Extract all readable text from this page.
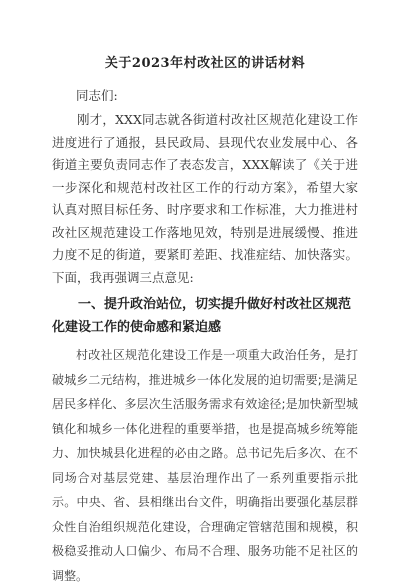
关于2023年村改社区的讲话材料
同志们:

刚才，XXX同志就各街道村改社区规范化建设工作进度进行了通报，县民政局、县现代农业发展中心、各街道主要负责同志作了表态发言，XXX解读了《关于进一步深化和规范村改社区工作的行动方案》，希望大家认真对照目标任务、时序要求和工作标准，大力推进村改社区规范建设工作落地见效，特别是进展缓慢、推进力度不足的街道，要紧盯差距、找准症结、加快落实。下面，我再强调三点意见:

一、提升政治站位，切实提升做好村改社区规范化建设工作的使命感和紧迫感

村改社区规范化建设工作是一项重大政治任务，是打破城乡二元结构，推进城乡一体化发展的迫切需要;是满足居民多样化、多层次生活服务需求有效途径;是加快新型城镇化和城乡一体化进程的重要举措，也是提高城乡统筹能力、加快城县化进程的必由之路。总书记先后多次、在不同场合对基层党建、基层治理作出了一系列重要指示批示。中央、省、县相继出台文件，明确指出要强化基层群众性自治组织规范化建设，合理确定管辖范围和规模，积极稳妥推动人口偏少、布局不合理、服务功能不足社区的调整。
